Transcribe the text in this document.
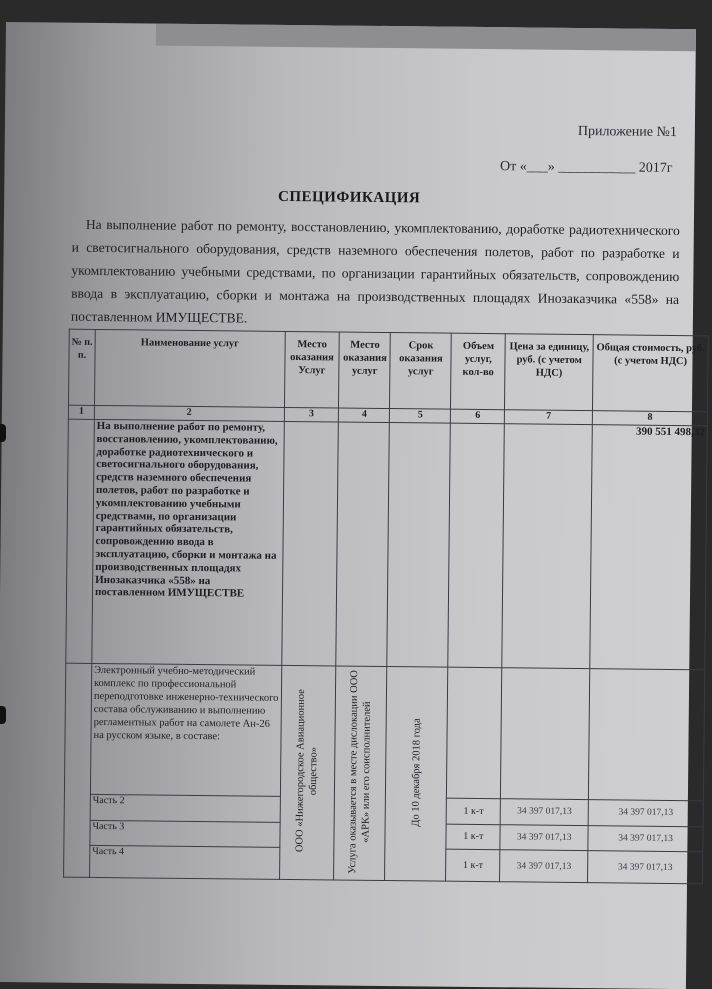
Приложение №1
От «___» ___________ 2017г
СПЕЦИФИКАЦИЯ
На выполнение работ по ремонту, восстановлению, укомплектованию, доработке радиотехнического и светосигнального оборудования, средств наземного обеспечения полетов, работ по разработке и укомплектованию учебными средствами, по организации гарантийных обязательств, сопровождению ввода в эксплуатацию, сборки и монтажа на производственных площадях Инозаказчика «558» на поставленном ИМУЩЕСТВЕ.
№ п. п.	Наименование услуг	Место оказания Услуг	Место оказания услуг	Срок оказания услуг	Объем услуг, кол-во	Цена за единицу, руб. (с учетом НДС)	Общая стоимость, руб. (с учетом НДС)
1	2	3	4	5	6	7	8
	На выполнение работ по ремонту, восстановлению, укомплектованию, доработке радиотехнического и светосигнального оборудования, средств наземного обеспечения полетов, работ по разработке и укомплектованию учебными средствами, по организации гарантийных обязательств, сопровождению ввода в эксплуатацию, сборки и монтажа на производственных площадях Инозаказчика «558» на поставленном ИМУЩЕСТВЕ						390 551 498,32
	Электронный учебно-методический комплекс по профессиональной переподготовке инженерно-технического состава обслуживанию и выполнению регламентных работ на самолете Ан-26 на русском языке, в составе:	ООО «Нижегородское Авиационное общество»	Услуга оказывается в месте дислокации ООО «АРК» или его соисполнителей	До 10 декабря 2018 года			
	Часть 2				1 к-т	34 397 017,13	34 397 017,13
	Часть 3				1 к-т	34 397 017,13	34 397 017,13
	Часть 4				1 к-т	34 397 017,13	34 397 017,13
